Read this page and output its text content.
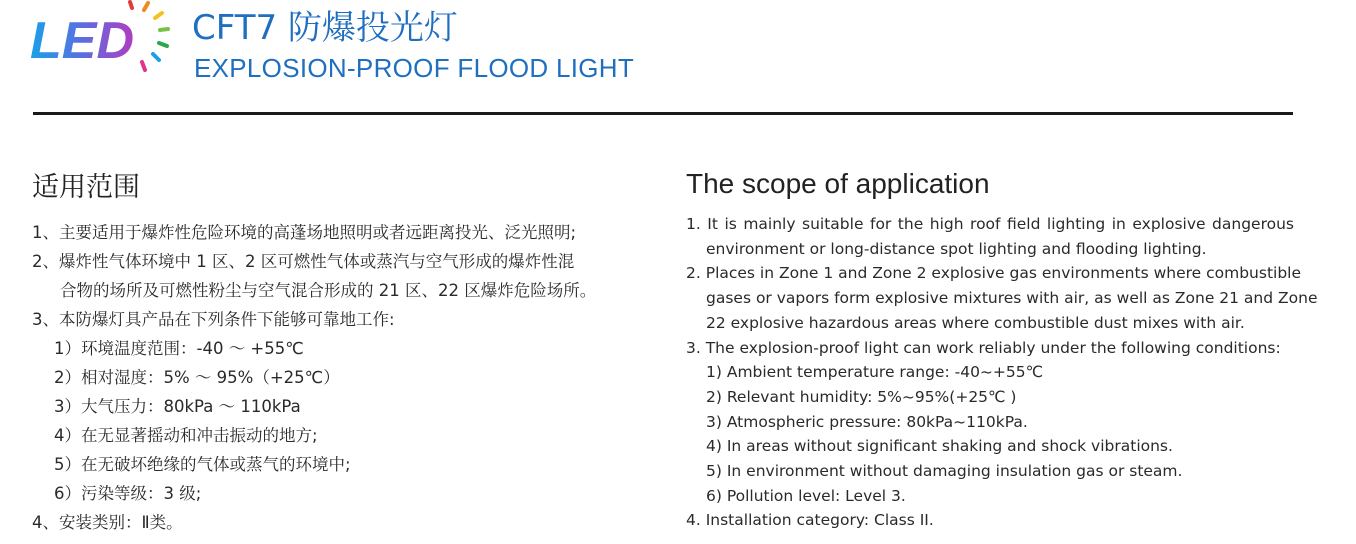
LED CFT7 防爆投光灯
EXPLOSION-PROOF FLOOD LIGHT
适用范围
1、主要适用于爆炸性危险环境的高蓬场地照明或者远距离投光、泛光照明;
2、爆炸性气体环境中 1 区、2 区可燃性气体或蒸汽与空气形成的爆炸性混
合物的场所及可燃性粉尘与空气混合形成的 21 区、22 区爆炸危险场所。
3、本防爆灯具产品在下列条件下能够可靠地工作:
1）环境温度范围：-40 ～ +55℃
2）相对湿度：5% ～ 95%（+25℃）
3）大气压力：80kPa ～ 110kPa
4）在无显著摇动和冲击振动的地方;
5）在无破坏绝缘的气体或蒸气的环境中;
6）污染等级：3 级;
4、安装类别：Ⅱ类。
The scope of application
1. It is mainly suitable for the high roof field lighting in explosive dangerous
environment or long-distance spot lighting and flooding lighting.
2. Places in Zone 1 and Zone 2 explosive gas environments where combustible
gases or vapors form explosive mixtures with air, as well as Zone 21 and Zone
22 explosive hazardous areas where combustible dust mixes with air.
3. The explosion-proof light can work reliably under the following conditions:
1) Ambient temperature range: -40~+55℃
2) Relevant humidity: 5%~95%(+25℃ )
3) Atmospheric pressure: 80kPa~110kPa.
4) In areas without significant shaking and shock vibrations.
5) In environment without damaging insulation gas or steam.
6) Pollution level: Level 3.
4. Installation category: Class II.
